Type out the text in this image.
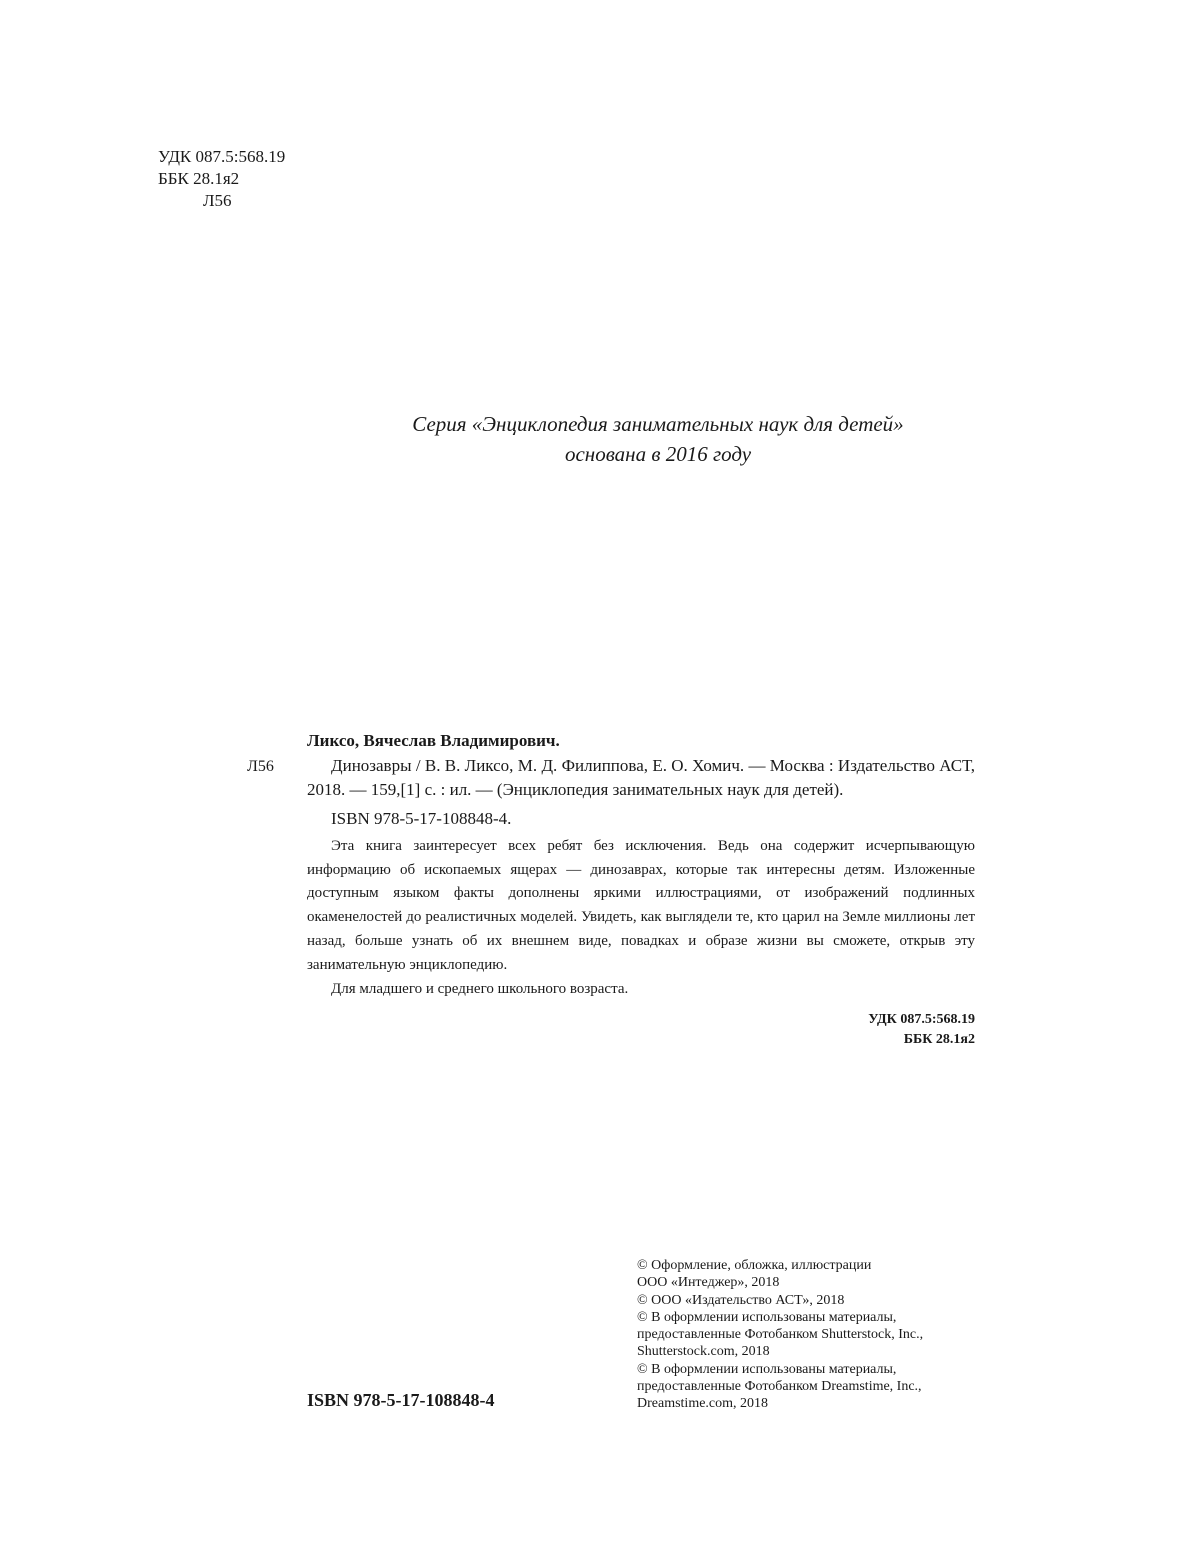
УДК 087.5:568.19
ББК 28.1я2
Л56
Серия «Энциклопедия занимательных наук для детей»
основана в 2016 году
Л56
Ликсо, Вячеслав Владимирович.

Динозавры / В. В. Ликсо, М. Д. Филиппова, Е. О. Хомич. — Москва : Издательство АСТ, 2018. — 159,[1] с. : ил. — (Энциклопедия занимательных наук для детей).

ISBN 978-5-17-108848-4.

Эта книга заинтересует всех ребят без исключения. Ведь она содержит исчерпывающую информацию об ископаемых ящерах — динозаврах, которые так интересны детям. Изложенные доступным языком факты дополнены яркими иллюстрациями, от изображений подлинных окаменелостей до реалистичных моделей. Увидеть, как выглядели те, кто царил на Земле миллионы лет назад, больше узнать об их внешнем виде, повадках и образе жизни вы сможете, открыв эту занимательную энциклопедию.

Для младшего и среднего школьного возраста.
УДК 087.5:568.19
ББК 28.1я2
ISBN 978-5-17-108848-4
© Оформление, обложка, иллюстрации
ООО «Интеджер», 2018
© ООО «Издательство АСТ», 2018
© В оформлении использованы материалы,
предоставленные Фотобанком Shutterstock, Inc.,
Shutterstock.com, 2018
© В оформлении использованы материалы,
предоставленные Фотобанком Dreamstime, Inc.,
Dreamstime.com, 2018
